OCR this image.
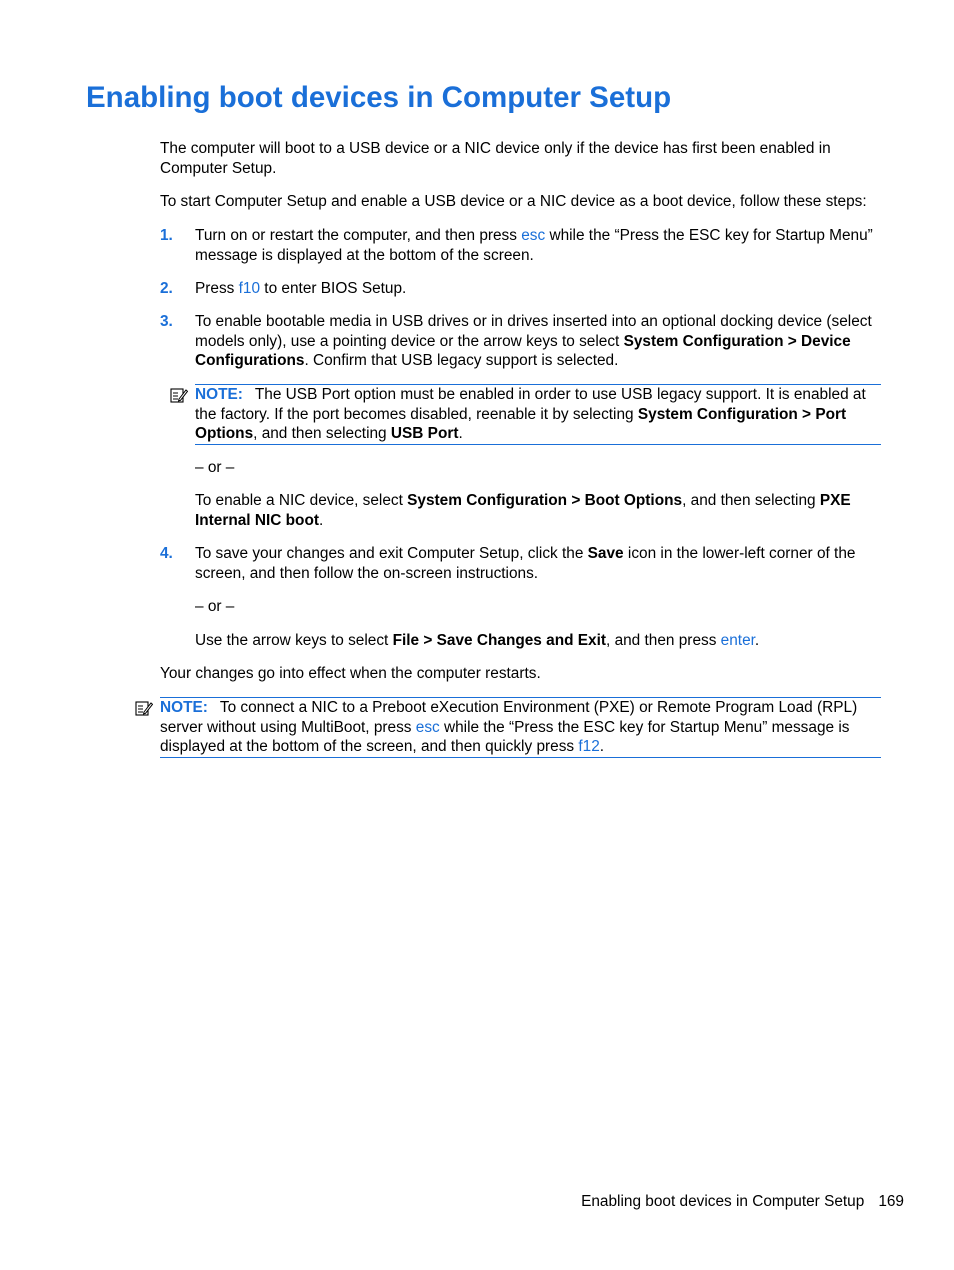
Enabling boot devices in Computer Setup

The computer will boot to a USB device or a NIC device only if the device has first been enabled in Computer Setup.

To start Computer Setup and enable a USB device or a NIC device as a boot device, follow these steps:

1. Turn on or restart the computer, and then press esc while the “Press the ESC key for Startup Menu” message is displayed at the bottom of the screen.

2. Press f10 to enter BIOS Setup.

3. To enable bootable media in USB drives or in drives inserted into an optional docking device (select models only), use a pointing device or the arrow keys to select System Configuration > Device Configurations. Confirm that USB legacy support is selected.

NOTE: The USB Port option must be enabled in order to use USB legacy support. It is enabled at the factory. If the port becomes disabled, reenable it by selecting System Configuration > Port Options, and then selecting USB Port.

– or –

To enable a NIC device, select System Configuration > Boot Options, and then selecting PXE Internal NIC boot.

4. To save your changes and exit Computer Setup, click the Save icon in the lower-left corner of the screen, and then follow the on-screen instructions.

– or –

Use the arrow keys to select File > Save Changes and Exit, and then press enter.

Your changes go into effect when the computer restarts.

NOTE: To connect a NIC to a Preboot eXecution Environment (PXE) or Remote Program Load (RPL) server without using MultiBoot, press esc while the “Press the ESC key for Startup Menu” message is displayed at the bottom of the screen, and then quickly press f12.

Enabling boot devices in Computer Setup 169
